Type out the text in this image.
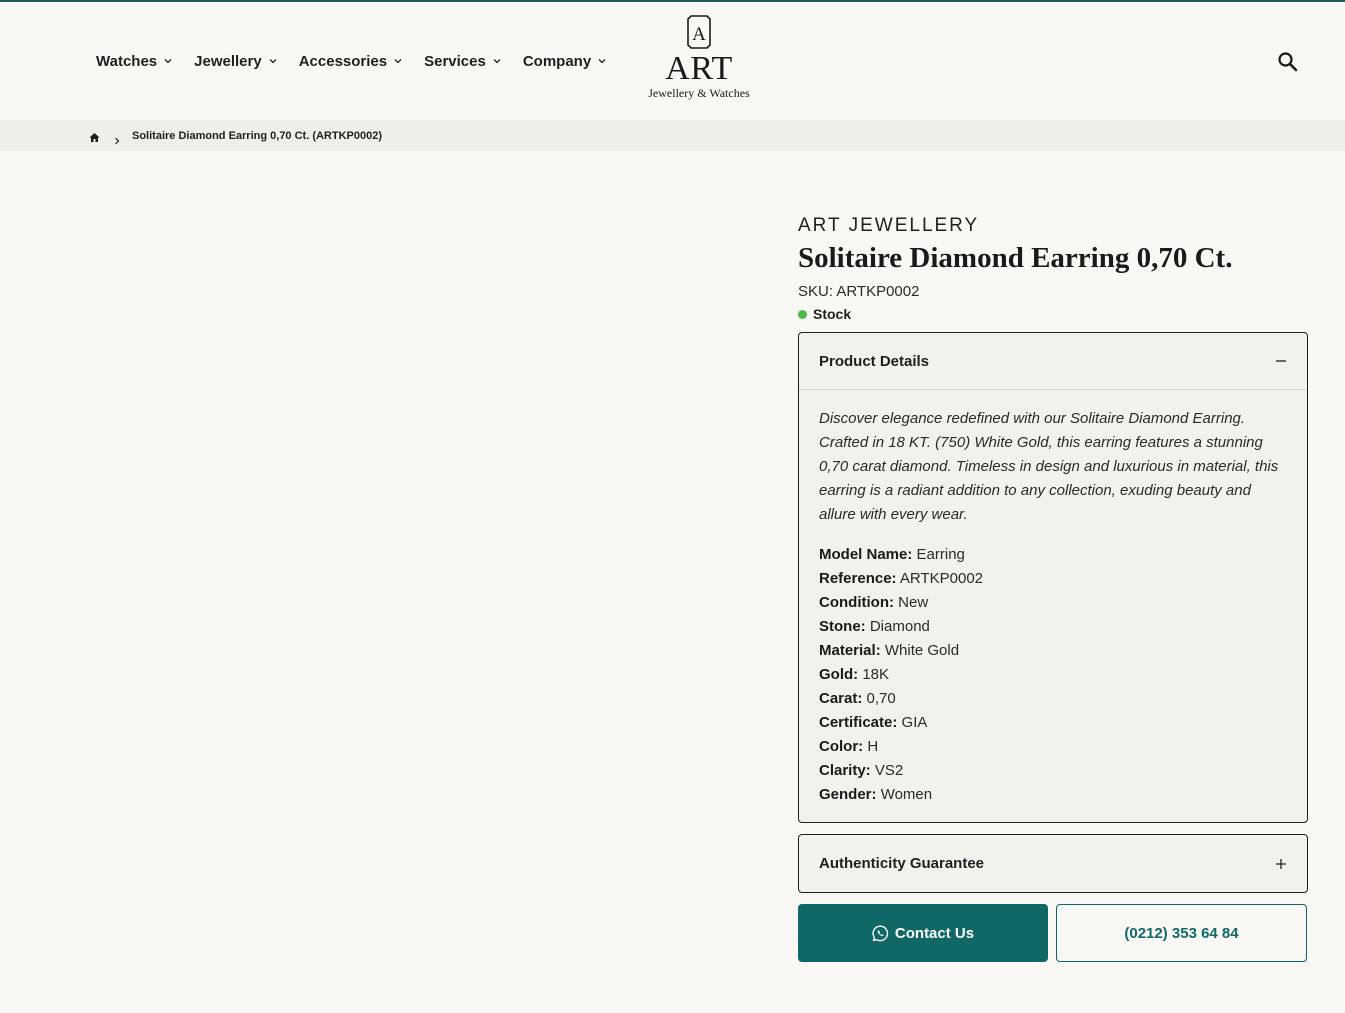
Watches Jewellery Accessories Services Company
A
ART
Jewellery & Watches
Solitaire Diamond Earring 0,70 Ct. (ARTKP0002)
ART JEWELLERY
Solitaire Diamond Earring 0,70 Ct.
SKU: ARTKP0002
Stock
Product Details

Discover elegance redefined with our Solitaire Diamond Earring. Crafted in 18 KT. (750) White Gold, this earring features a stunning 0,70 carat diamond. Timeless in design and luxurious in material, this earring is a radiant addition to any collection, exuding beauty and allure with every wear.

Model Name: Earring
Reference: ARTKP0002
Condition: New
Stone: Diamond
Material: White Gold
Gold: 18K
Carat: 0,70
Certificate: GIA
Color: H
Clarity: VS2
Gender: Women
Authenticity Guarantee
Contact Us	(0212) 353 64 84
